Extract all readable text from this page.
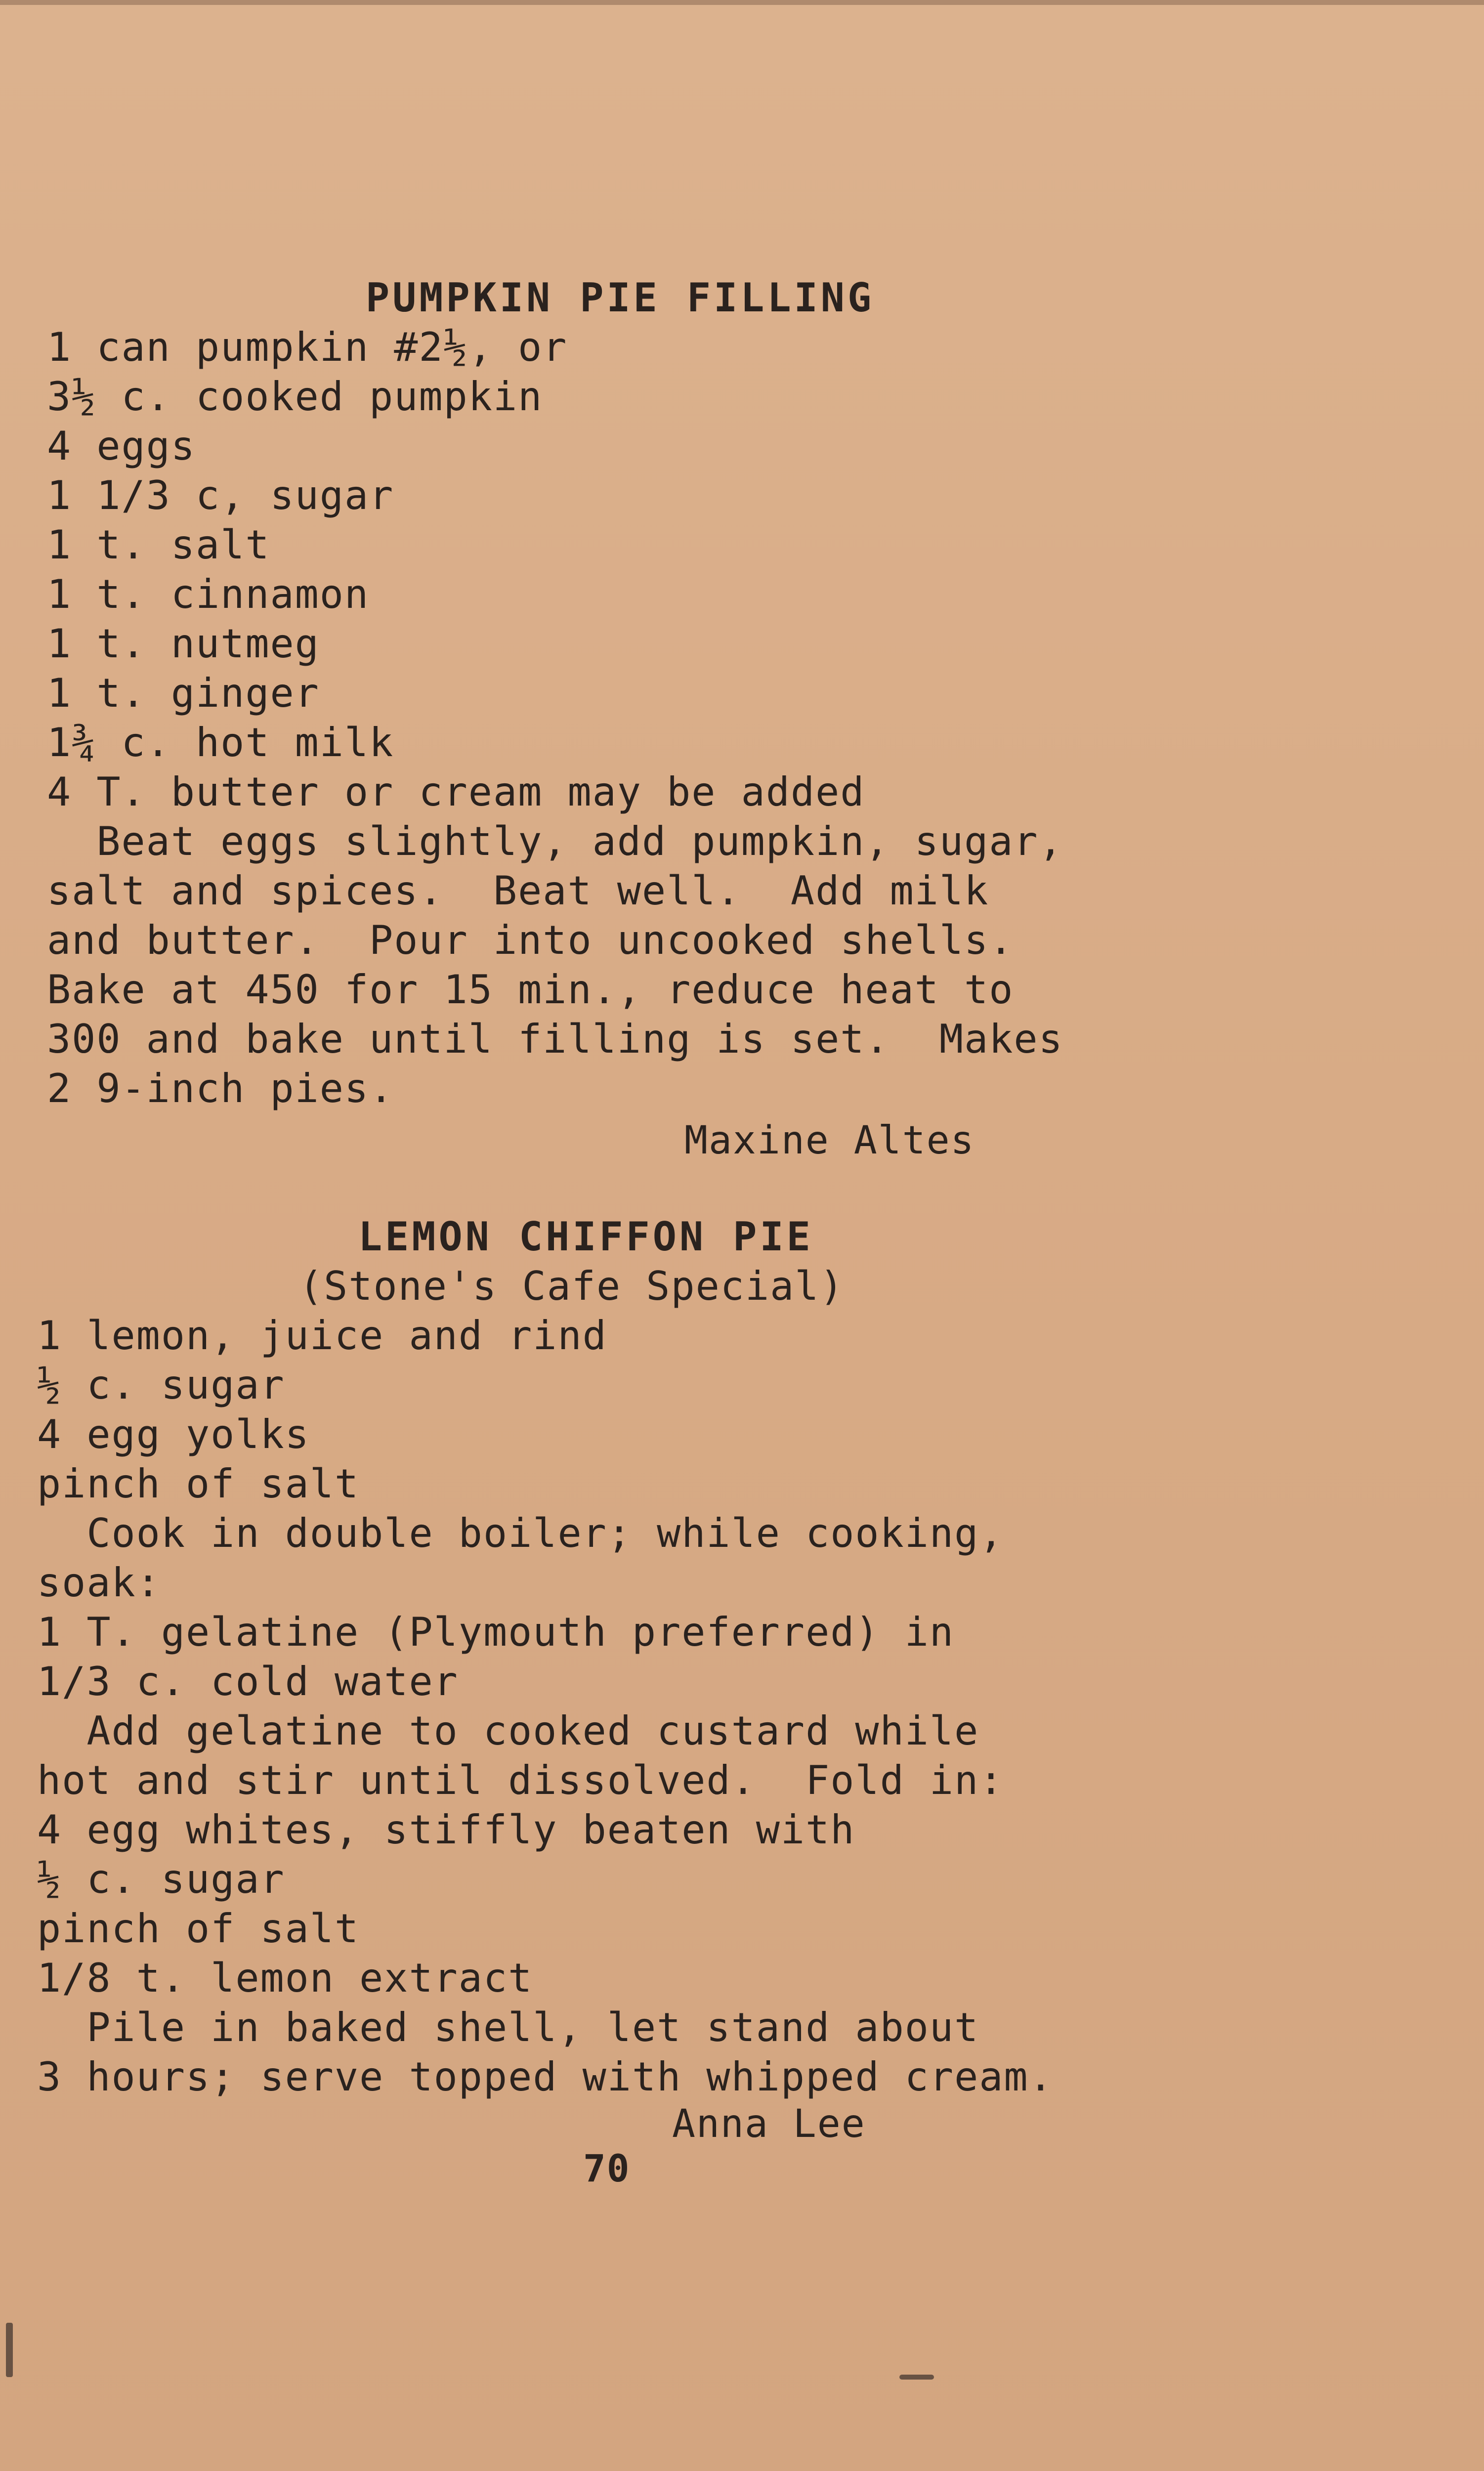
PUMPKIN PIE FILLING
1 can pumpkin #2½, or
3½ c. cooked pumpkin
4 eggs
1 1/3 c, sugar
1 t. salt
1 t. cinnamon
1 t. nutmeg
1 t. ginger
1¾ c. hot milk
4 T. butter or cream may be added
Beat eggs slightly, add pumpkin, sugar,
salt and spices.  Beat well.  Add milk
and butter.  Pour into uncooked shells.
Bake at 450 for 15 min., reduce heat to
300 and bake until filling is set.  Makes
2 9-inch pies.
Maxine Altes
LEMON CHIFFON PIE
(Stone's Cafe Special)
1 lemon, juice and rind
½ c. sugar
4 egg yolks
pinch of salt
Cook in double boiler; while cooking,
soak:
1 T. gelatine (Plymouth preferred) in
1/3 c. cold water
Add gelatine to cooked custard while
hot and stir until dissolved.  Fold in:
4 egg whites, stiffly beaten with
½ c. sugar
pinch of salt
1/8 t. lemon extract
Pile in baked shell, let stand about
3 hours; serve topped with whipped cream.
Anna Lee
70
